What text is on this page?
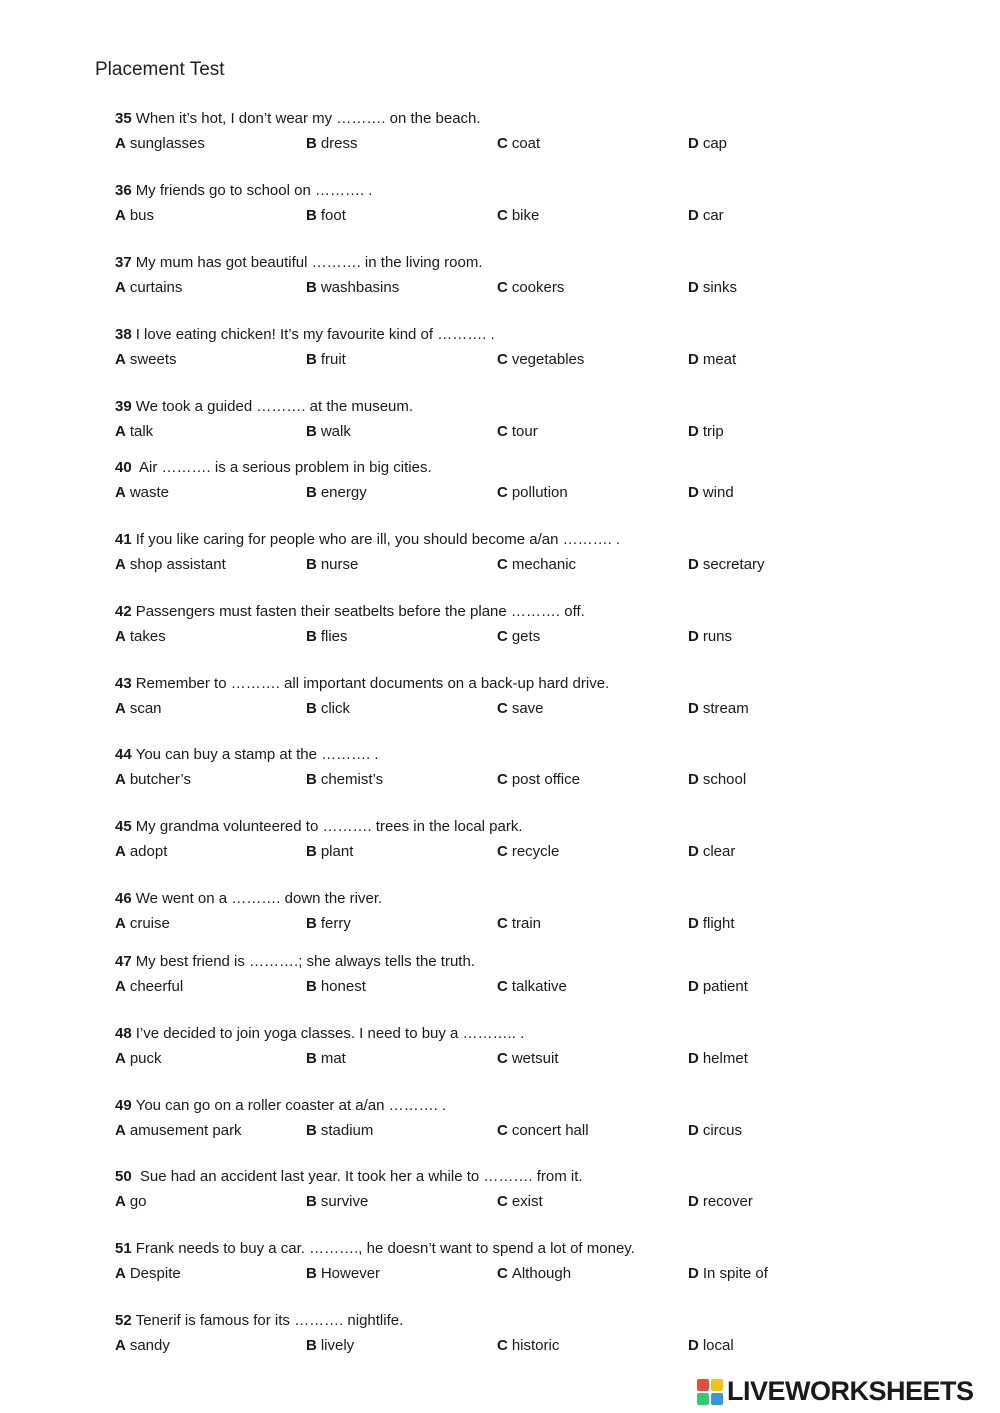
Placement Test
35 When it’s hot, I don’t wear my ………. on the beach.
A sunglasses	B dress	C coat	D cap
36 My friends go to school on ………. .
A bus	B foot	C bike	D car
37 My mum has got beautiful ………. in the living room.
A curtains	B washbasins	C cookers	D sinks
38 I love eating chicken! It’s my favourite kind of ………. .
A sweets	B fruit	C vegetables	D meat
39 We took a guided ………. at the museum.
A talk	B walk	C tour	D trip
40 Air ………. is a serious problem in big cities.
A waste	B energy	C pollution	D wind
41 If you like caring for people who are ill, you should become a/an ………. .
A shop assistant	B nurse	C mechanic	D secretary
42 Passengers must fasten their seatbelts before the plane ………. off.
A takes	B flies	C gets	D runs
43 Remember to ………. all important documents on a back-up hard drive.
A scan	B click	C save	D stream
44 You can buy a stamp at the ………. .
A butcher’s	B chemist’s	C post office	D school
45 My grandma volunteered to ………. trees in the local park.
A adopt	B plant	C recycle	D clear
46 We went on a ………. down the river.
A cruise	B ferry	C train	D flight
47 My best friend is ……….; she always tells the truth.
A cheerful	B honest	C talkative	D patient
48 I’ve decided to join yoga classes. I need to buy a ……….. .
A puck	B mat	C wetsuit	D helmet
49 You can go on a roller coaster at a/an ………. .
A amusement park	B stadium	C concert hall	D circus
50 Sue had an accident last year. It took her a while to ………. from it.
A go	B survive	C exist	D recover
51 Frank needs to buy a car. ………., he doesn’t want to spend a lot of money.
A Despite	B However	C Although	D In spite of
52 Tenerif is famous for its ………. nightlife.
A sandy	B lively	C historic	D local
LIVEWORKSHEETS
